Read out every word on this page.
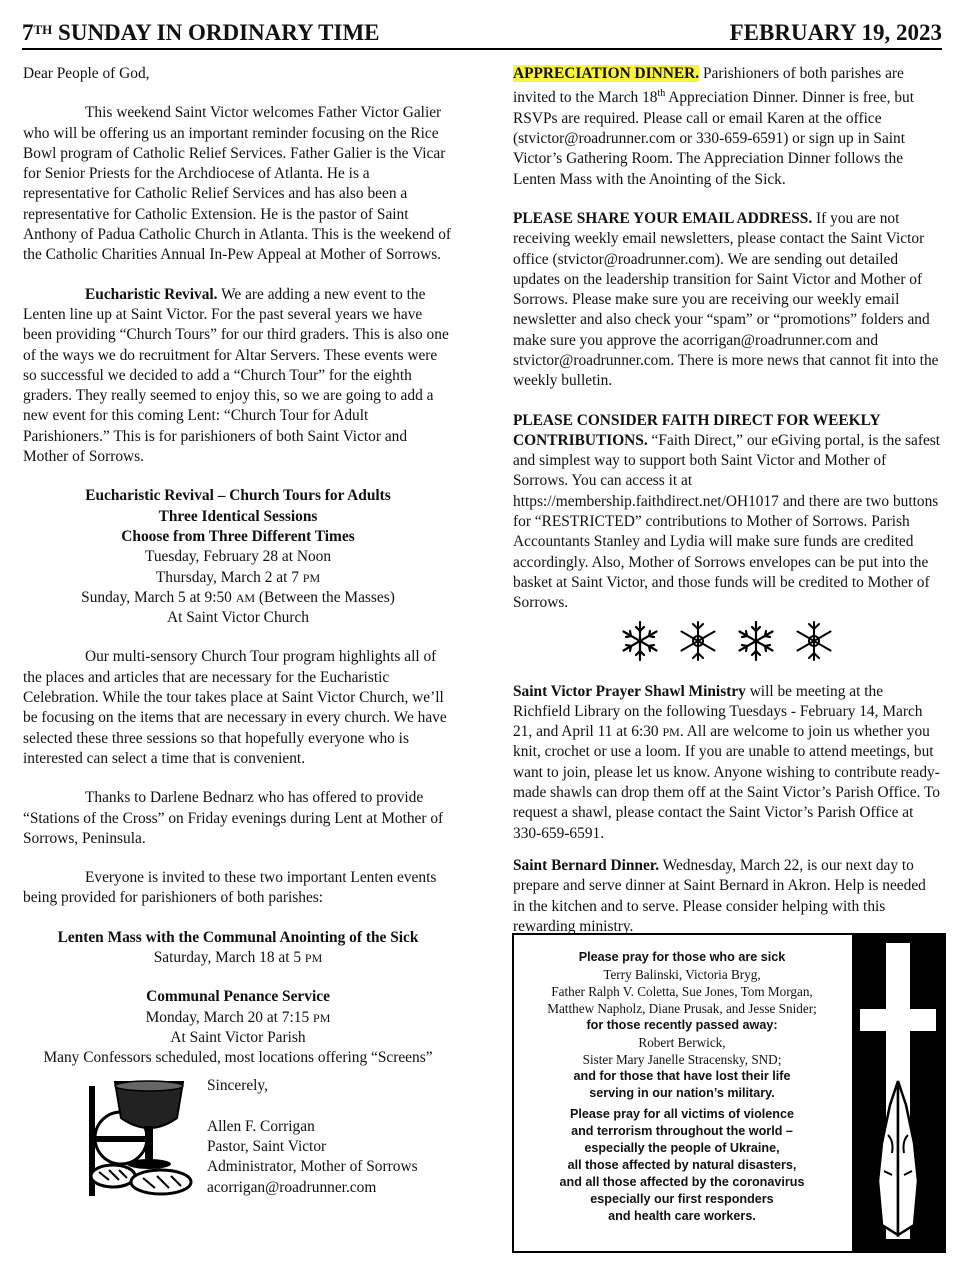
7TH SUNDAY IN ORDINARY TIME	FEBRUARY 19, 2023

Dear People of God,

This weekend Saint Victor welcomes Father Victor Galier who will be offering us an important reminder focusing on the Rice Bowl program of Catholic Relief Services. Father Galier is the Vicar for Senior Priests for the Archdiocese of Atlanta. He is a representative for Catholic Relief Services and has also been a representative for Catholic Extension. He is the pastor of Saint Anthony of Padua Catholic Church in Atlanta. This is the weekend of the Catholic Charities Annual In-Pew Appeal at Mother of Sorrows.

Eucharistic Revival. We are adding a new event to the Lenten line up at Saint Victor. For the past several years we have been providing “Church Tours” for our third graders. This is also one of the ways we do recruitment for Altar Servers. These events were so successful we decided to add a “Church Tour” for the eighth graders. They really seemed to enjoy this, so we are going to add a new event for this coming Lent: “Church Tour for Adult Parishioners.” This is for parishioners of both Saint Victor and Mother of Sorrows.

Eucharistic Revival – Church Tours for Adults
Three Identical Sessions
Choose from Three Different Times
Tuesday, February 28 at Noon
Thursday, March 2 at 7 PM
Sunday, March 5 at 9:50 AM (Between the Masses)
At Saint Victor Church

Our multi-sensory Church Tour program highlights all of the places and articles that are necessary for the Eucharistic Celebration. While the tour takes place at Saint Victor Church, we’ll be focusing on the items that are necessary in every church. We have selected these three sessions so that hopefully everyone who is interested can select a time that is convenient.

Thanks to Darlene Bednarz who has offered to provide “Stations of the Cross” on Friday evenings during Lent at Mother of Sorrows, Peninsula.

Everyone is invited to these two important Lenten events being provided for parishioners of both parishes:

Lenten Mass with the Communal Anointing of the Sick
Saturday, March 18 at 5 PM
Communal Penance Service
Monday, March 20 at 7:15 PM
At Saint Victor Parish
Many Confessors scheduled, most locations offering “Screens”
Sincerely,
Allen F. Corrigan
Pastor, Saint Victor
Administrator, Mother of Sorrows
acorrigan@roadrunner.com

APPRECIATION DINNER. Parishioners of both parishes are invited to the March 18th Appreciation Dinner. Dinner is free, but RSVPs are required. Please call or email Karen at the office (stvictor@roadrunner.com or 330-659-6591) or sign up in Saint Victor’s Gathering Room. The Appreciation Dinner follows the Lenten Mass with the Anointing of the Sick.

PLEASE SHARE YOUR EMAIL ADDRESS. If you are not receiving weekly email newsletters, please contact the Saint Victor office (stvictor@roadrunner.com). We are sending out detailed updates on the leadership transition for Saint Victor and Mother of Sorrows. Please make sure you are receiving our weekly email newsletter and also check your “spam” or “promotions” folders and make sure you approve the acorrigan@roadrunner.com and stvictor@roadrunner.com. There is more news that cannot fit into the weekly bulletin.

PLEASE CONSIDER FAITH DIRECT FOR WEEKLY CONTRIBUTIONS. “Faith Direct,” our eGiving portal, is the safest and simplest way to support both Saint Victor and Mother of Sorrows. You can access it at https://membership.faithdirect.net/OH1017 and there are two buttons for “RESTRICTED” contributions to Mother of Sorrows. Parish Accountants Stanley and Lydia will make sure funds are credited accordingly. Also, Mother of Sorrows envelopes can be put into the basket at Saint Victor, and those funds will be credited to Mother of Sorrows.

Saint Victor Prayer Shawl Ministry will be meeting at the Richfield Library on the following Tuesdays - February 14, March 21, and April 11 at 6:30 PM. All are welcome to join us whether you knit, crochet or use a loom. If you are unable to attend meetings, but want to join, please let us know. Anyone wishing to contribute ready-made shawls can drop them off at the Saint Victor’s Parish Office. To request a shawl, please contact the Saint Victor’s Parish Office at 330-659-6591.

Saint Bernard Dinner. Wednesday, March 22, is our next day to prepare and serve dinner at Saint Bernard in Akron. Help is needed in the kitchen and to serve. Please consider helping with this rewarding ministry.

Please pray for those who are sick
Terry Balinski, Victoria Bryg,
Father Ralph V. Coletta, Sue Jones, Tom Morgan,
Matthew Napholz, Diane Prusak, and Jesse Snider;
for those recently passed away:
Robert Berwick,
Sister Mary Janelle Stracensky, SND;
and for those that have lost their life
serving in our nation’s military.
Please pray for all victims of violence
and terrorism throughout the world –
especially the people of Ukraine,
all those affected by natural disasters,
and all those affected by the coronavirus
especially our first responders
and health care workers.
